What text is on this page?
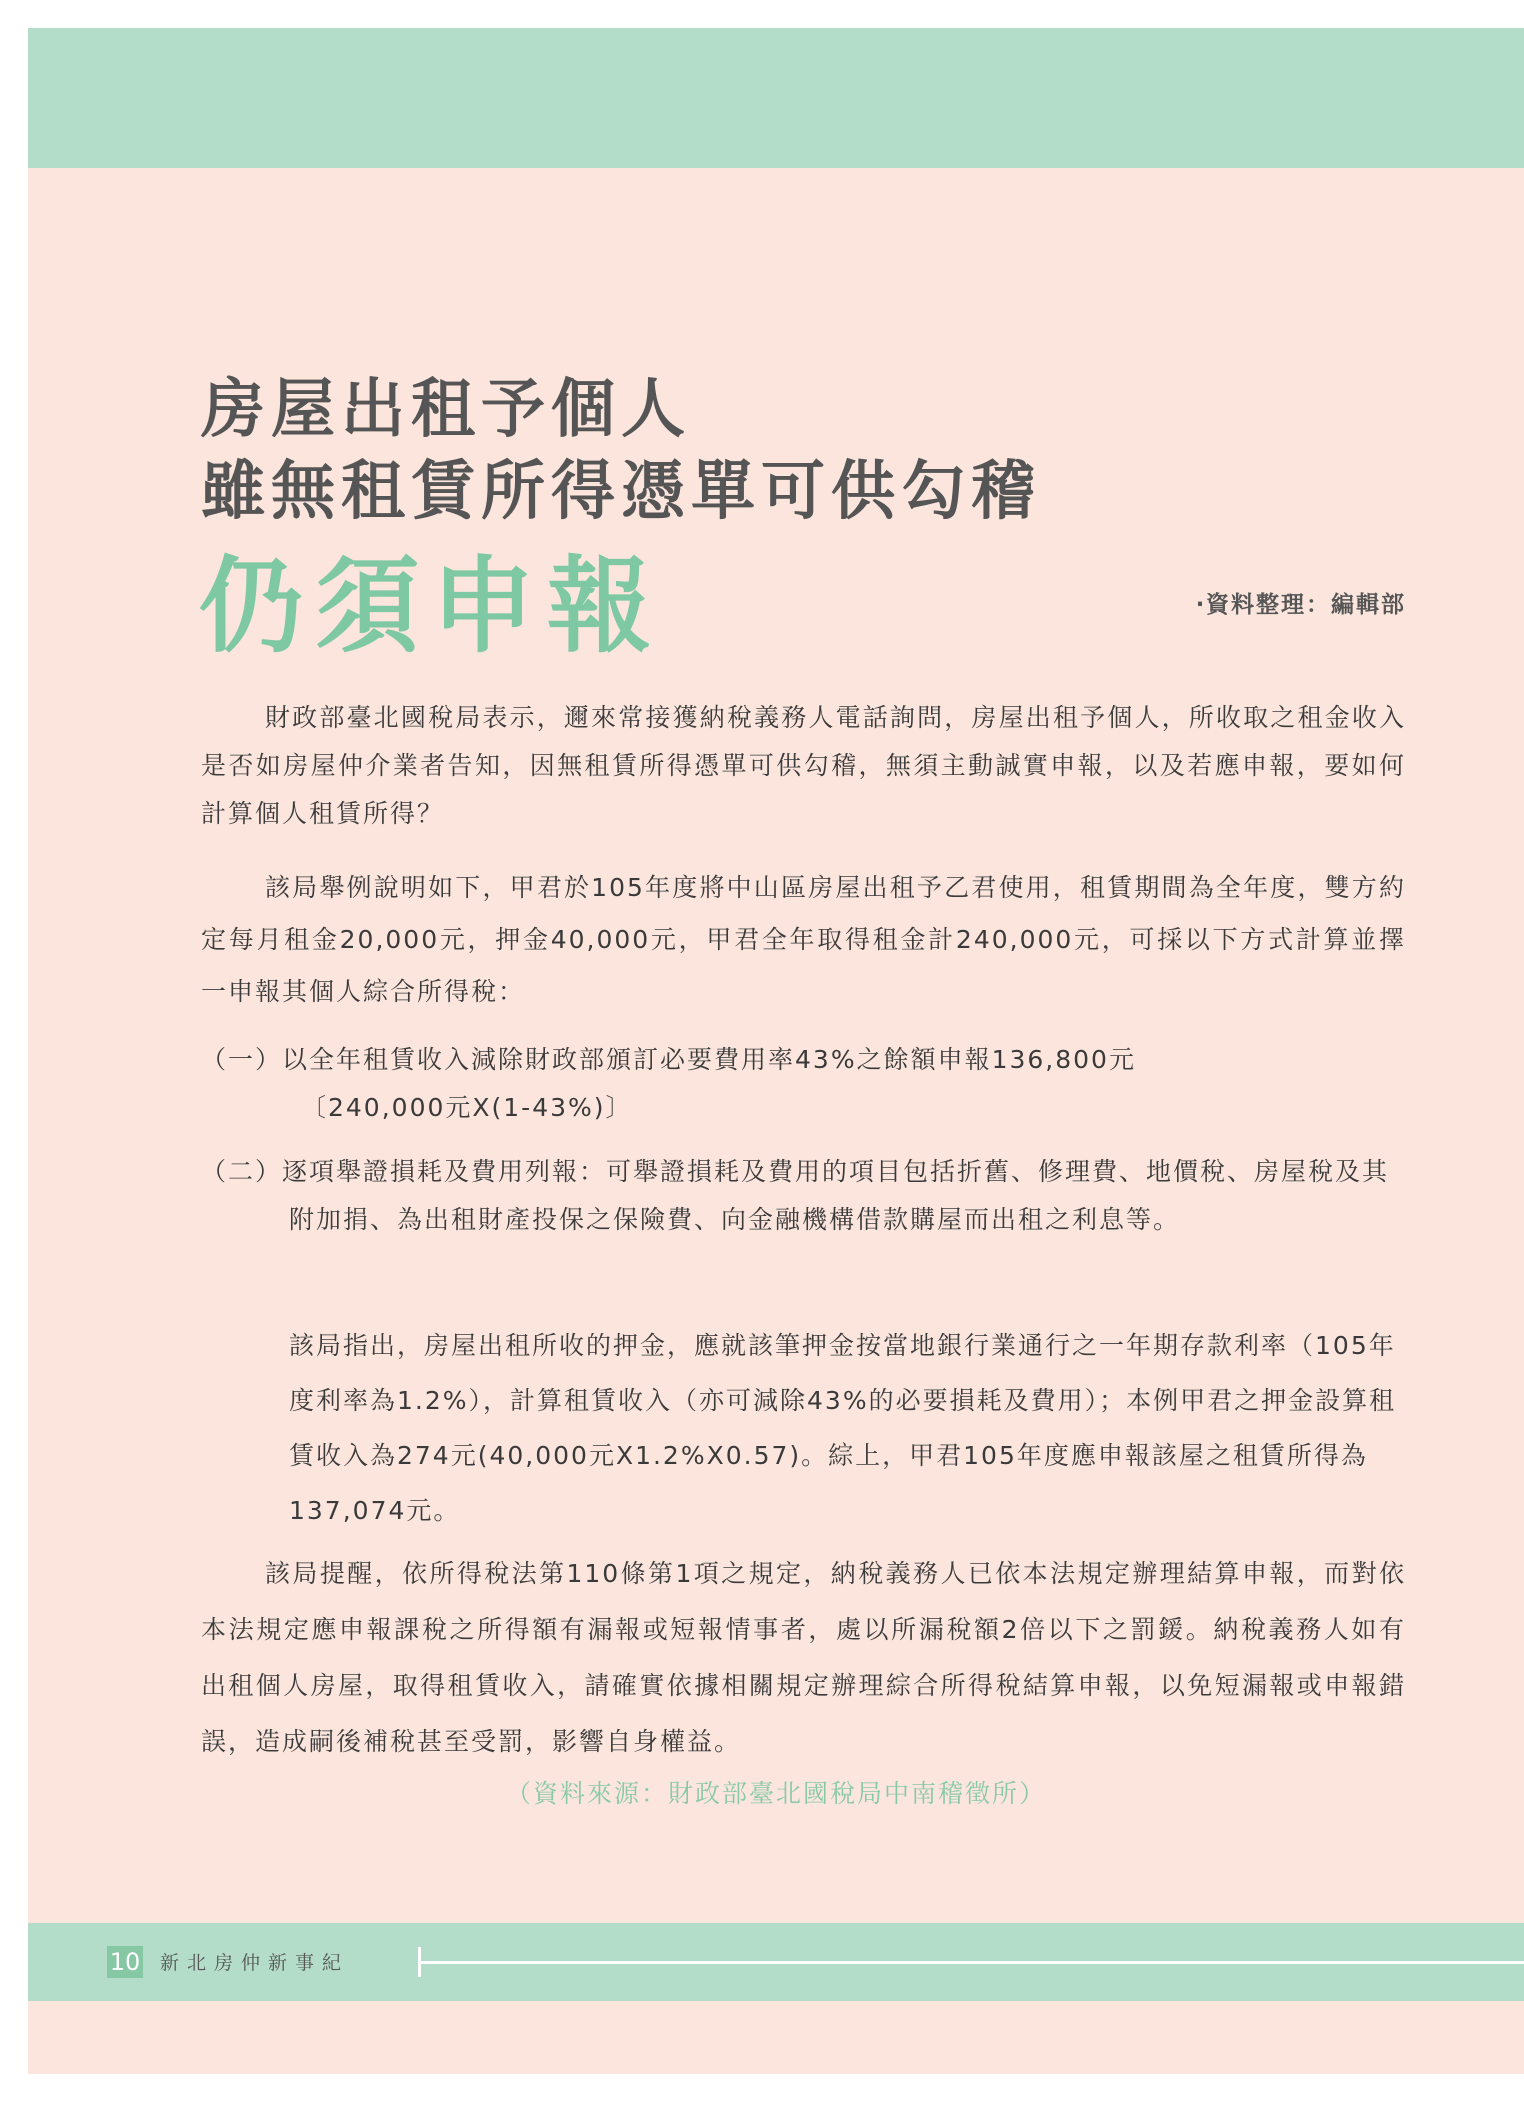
房屋出租予個人
雖無租賃所得憑單可供勾稽
仍須申報	‧資料整理：編輯部

財政部臺北國稅局表示，邇來常接獲納稅義務人電話詢問，房屋出租予個人，所收取之租金收入是否如房屋仲介業者告知，因無租賃所得憑單可供勾稽，無須主動誠實申報，以及若應申報，要如何計算個人租賃所得？

該局舉例說明如下，甲君於105年度將中山區房屋出租予乙君使用，租賃期間為全年度，雙方約定每月租金20,000元，押金40,000元，甲君全年取得租金計240,000元，可採以下方式計算並擇一申報其個人綜合所得稅：

（一）以全年租賃收入減除財政部頒訂必要費用率43%之餘額申報136,800元
〔240,000元X(1-43%)〕

（二）逐項舉證損耗及費用列報：可舉證損耗及費用的項目包括折舊、修理費、地價稅、房屋稅及其附加捐、為出租財產投保之保險費、向金融機構借款購屋而出租之利息等。

該局指出，房屋出租所收的押金，應就該筆押金按當地銀行業通行之一年期存款利率（105年度利率為1.2%），計算租賃收入（亦可減除43%的必要損耗及費用）；本例甲君之押金設算租賃收入為274元(40,000元X1.2%X0.57)。綜上，甲君105年度應申報該屋之租賃所得為137,074元。

該局提醒，依所得稅法第110條第1項之規定，納稅義務人已依本法規定辦理結算申報，而對依本法規定應申報課稅之所得額有漏報或短報情事者，處以所漏稅額2倍以下之罰鍰。納稅義務人如有出租個人房屋，取得租賃收入，請確實依據相關規定辦理綜合所得稅結算申報，以免短漏報或申報錯誤，造成嗣後補稅甚至受罰，影響自身權益。

（資料來源：財政部臺北國稅局中南稽徵所）
10 新北房仲新事紀
